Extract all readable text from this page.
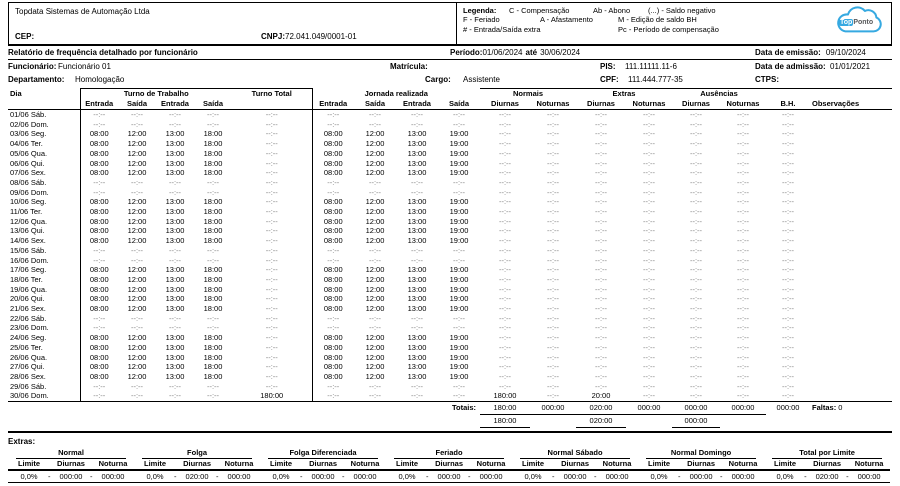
Topdata Sistemas de Automação Ltda
CEP:	CNPJ:72.041.049/0001-01
Legenda: C - Compensação	Ab - Abono (...) - Saldo negativo
F - Feriado	A - Afastamento	M - Edição de saldo BH
# - Entrada/Saída extra	Pc - Período de compensação
TopPonto
Relatório de frequência detalhado por funcionário	Período:01/06/2024 até 30/06/2024	Data de emissão: 09/10/2024
Funcionário: Funcionário 01	Matrícula:	PIS: 111.11111.11-6	Data de admissão: 01/01/2021
Departamento: Homologação	Cargo: Assistente	CPF: 111.444.777-35	CTPS:
Dia	Turno de Trabalho				Turno Total	Jornada realizada				Normais		Extras		Ausências			
	Entrada	Saída	Entrada	Saída		Entrada	Saída	Entrada	Saída	Diurnas	Noturnas	Diurnas	Noturnas	Diurnas	Noturnas	B.H.	Observações
01/06 Sáb.	--:--	--:--	--:--	--:--	--:--	--:--	--:--	--:--	--:--	--:--	--:--	--:--	--:--	--:--	--:--	--:--	
02/06 Dom.	--:--	--:--	--:--	--:--	--:--	--:--	--:--	--:--	--:--	--:--	--:--	--:--	--:--	--:--	--:--	--:--	
03/06 Seg.	08:00	12:00	13:00	18:00	--:--	08:00	12:00	13:00	19:00	--:--	--:--	--:--	--:--	--:--	--:--	--:--	
04/06 Ter.	08:00	12:00	13:00	18:00	--:--	08:00	12:00	13:00	19:00	--:--	--:--	--:--	--:--	--:--	--:--	--:--	
05/06 Qua.	08:00	12:00	13:00	18:00	--:--	08:00	12:00	13:00	19:00	--:--	--:--	--:--	--:--	--:--	--:--	--:--	
06/06 Qui.	08:00	12:00	13:00	18:00	--:--	08:00	12:00	13:00	19:00	--:--	--:--	--:--	--:--	--:--	--:--	--:--	
07/06 Sex.	08:00	12:00	13:00	18:00	--:--	08:00	12:00	13:00	19:00	--:--	--:--	--:--	--:--	--:--	--:--	--:--	
08/06 Sáb.	--:--	--:--	--:--	--:--	--:--	--:--	--:--	--:--	--:--	--:--	--:--	--:--	--:--	--:--	--:--	--:--	
09/06 Dom.	--:--	--:--	--:--	--:--	--:--	--:--	--:--	--:--	--:--	--:--	--:--	--:--	--:--	--:--	--:--	--:--	
10/06 Seg.	08:00	12:00	13:00	18:00	--:--	08:00	12:00	13:00	19:00	--:--	--:--	--:--	--:--	--:--	--:--	--:--	
11/06 Ter.	08:00	12:00	13:00	18:00	--:--	08:00	12:00	13:00	19:00	--:--	--:--	--:--	--:--	--:--	--:--	--:--	
12/06 Qua.	08:00	12:00	13:00	18:00	--:--	08:00	12:00	13:00	19:00	--:--	--:--	--:--	--:--	--:--	--:--	--:--	
13/06 Qui.	08:00	12:00	13:00	18:00	--:--	08:00	12:00	13:00	19:00	--:--	--:--	--:--	--:--	--:--	--:--	--:--	
14/06 Sex.	08:00	12:00	13:00	18:00	--:--	08:00	12:00	13:00	19:00	--:--	--:--	--:--	--:--	--:--	--:--	--:--	
15/06 Sáb.	--:--	--:--	--:--	--:--	--:--	--:--	--:--	--:--	--:--	--:--	--:--	--:--	--:--	--:--	--:--	--:--	
16/06 Dom.	--:--	--:--	--:--	--:--	--:--	--:--	--:--	--:--	--:--	--:--	--:--	--:--	--:--	--:--	--:--	--:--	
17/06 Seg.	08:00	12:00	13:00	18:00	--:--	08:00	12:00	13:00	19:00	--:--	--:--	--:--	--:--	--:--	--:--	--:--	
18/06 Ter.	08:00	12:00	13:00	18:00	--:--	08:00	12:00	13:00	19:00	--:--	--:--	--:--	--:--	--:--	--:--	--:--	
19/06 Qua.	08:00	12:00	13:00	18:00	--:--	08:00	12:00	13:00	19:00	--:--	--:--	--:--	--:--	--:--	--:--	--:--	
20/06 Qui.	08:00	12:00	13:00	18:00	--:--	08:00	12:00	13:00	19:00	--:--	--:--	--:--	--:--	--:--	--:--	--:--	
21/06 Sex.	08:00	12:00	13:00	18:00	--:--	08:00	12:00	13:00	19:00	--:--	--:--	--:--	--:--	--:--	--:--	--:--	
22/06 Sáb.	--:--	--:--	--:--	--:--	--:--	--:--	--:--	--:--	--:--	--:--	--:--	--:--	--:--	--:--	--:--	--:--	
23/06 Dom.	--:--	--:--	--:--	--:--	--:--	--:--	--:--	--:--	--:--	--:--	--:--	--:--	--:--	--:--	--:--	--:--	
24/06 Seg.	08:00	12:00	13:00	18:00	--:--	08:00	12:00	13:00	19:00	--:--	--:--	--:--	--:--	--:--	--:--	--:--	
25/06 Ter.	08:00	12:00	13:00	18:00	--:--	08:00	12:00	13:00	19:00	--:--	--:--	--:--	--:--	--:--	--:--	--:--	
26/06 Qua.	08:00	12:00	13:00	18:00	--:--	08:00	12:00	13:00	19:00	--:--	--:--	--:--	--:--	--:--	--:--	--:--	
27/06 Qui.	08:00	12:00	13:00	18:00	--:--	08:00	12:00	13:00	19:00	--:--	--:--	--:--	--:--	--:--	--:--	--:--	
28/06 Sex.	08:00	12:00	13:00	18:00	--:--	08:00	12:00	13:00	19:00	--:--	--:--	--:--	--:--	--:--	--:--	--:--	
29/06 Sáb.	--:--	--:--	--:--	--:--	--:--	--:--	--:--	--:--	--:--	--:--	--:--	--:--	--:--	--:--	--:--	--:--	
30/06 Dom.	--:--	--:--	--:--	--:--	180:00	--:--	--:--	--:--	--:--	180:00	--:--	20:00	--:--	--:--	--:--	--:--	
Totais:										180:00	000:00	020:00	000:00	000:00	000:00	000:00	Faltas: 0
										180:00		020:00		000:00			
Extras:
Normal			Folga			Folga Diferenciada			Feriado			Normal Sábado			Normal Domingo			Total por Limite		

Limite	Diurnas	Noturna	Limite	Diurnas	Noturna	Limite	Diurnas	Noturna	Limite	Diurnas	Noturna	Limite	Diurnas	Noturna	Limite	Diurnas	Noturna	Limite	Diurnas	Noturna
0,0%	- 000:00	- 000:00	0,0%	- 020:00	- 000:00	0,0%	- 000:00	- 000:00	0,0%	- 000:00	- 000:00	0,0%	- 000:00	- 000:00	0,0%	- 000:00	- 000:00	0,0%	- 020:00	- 000:00
